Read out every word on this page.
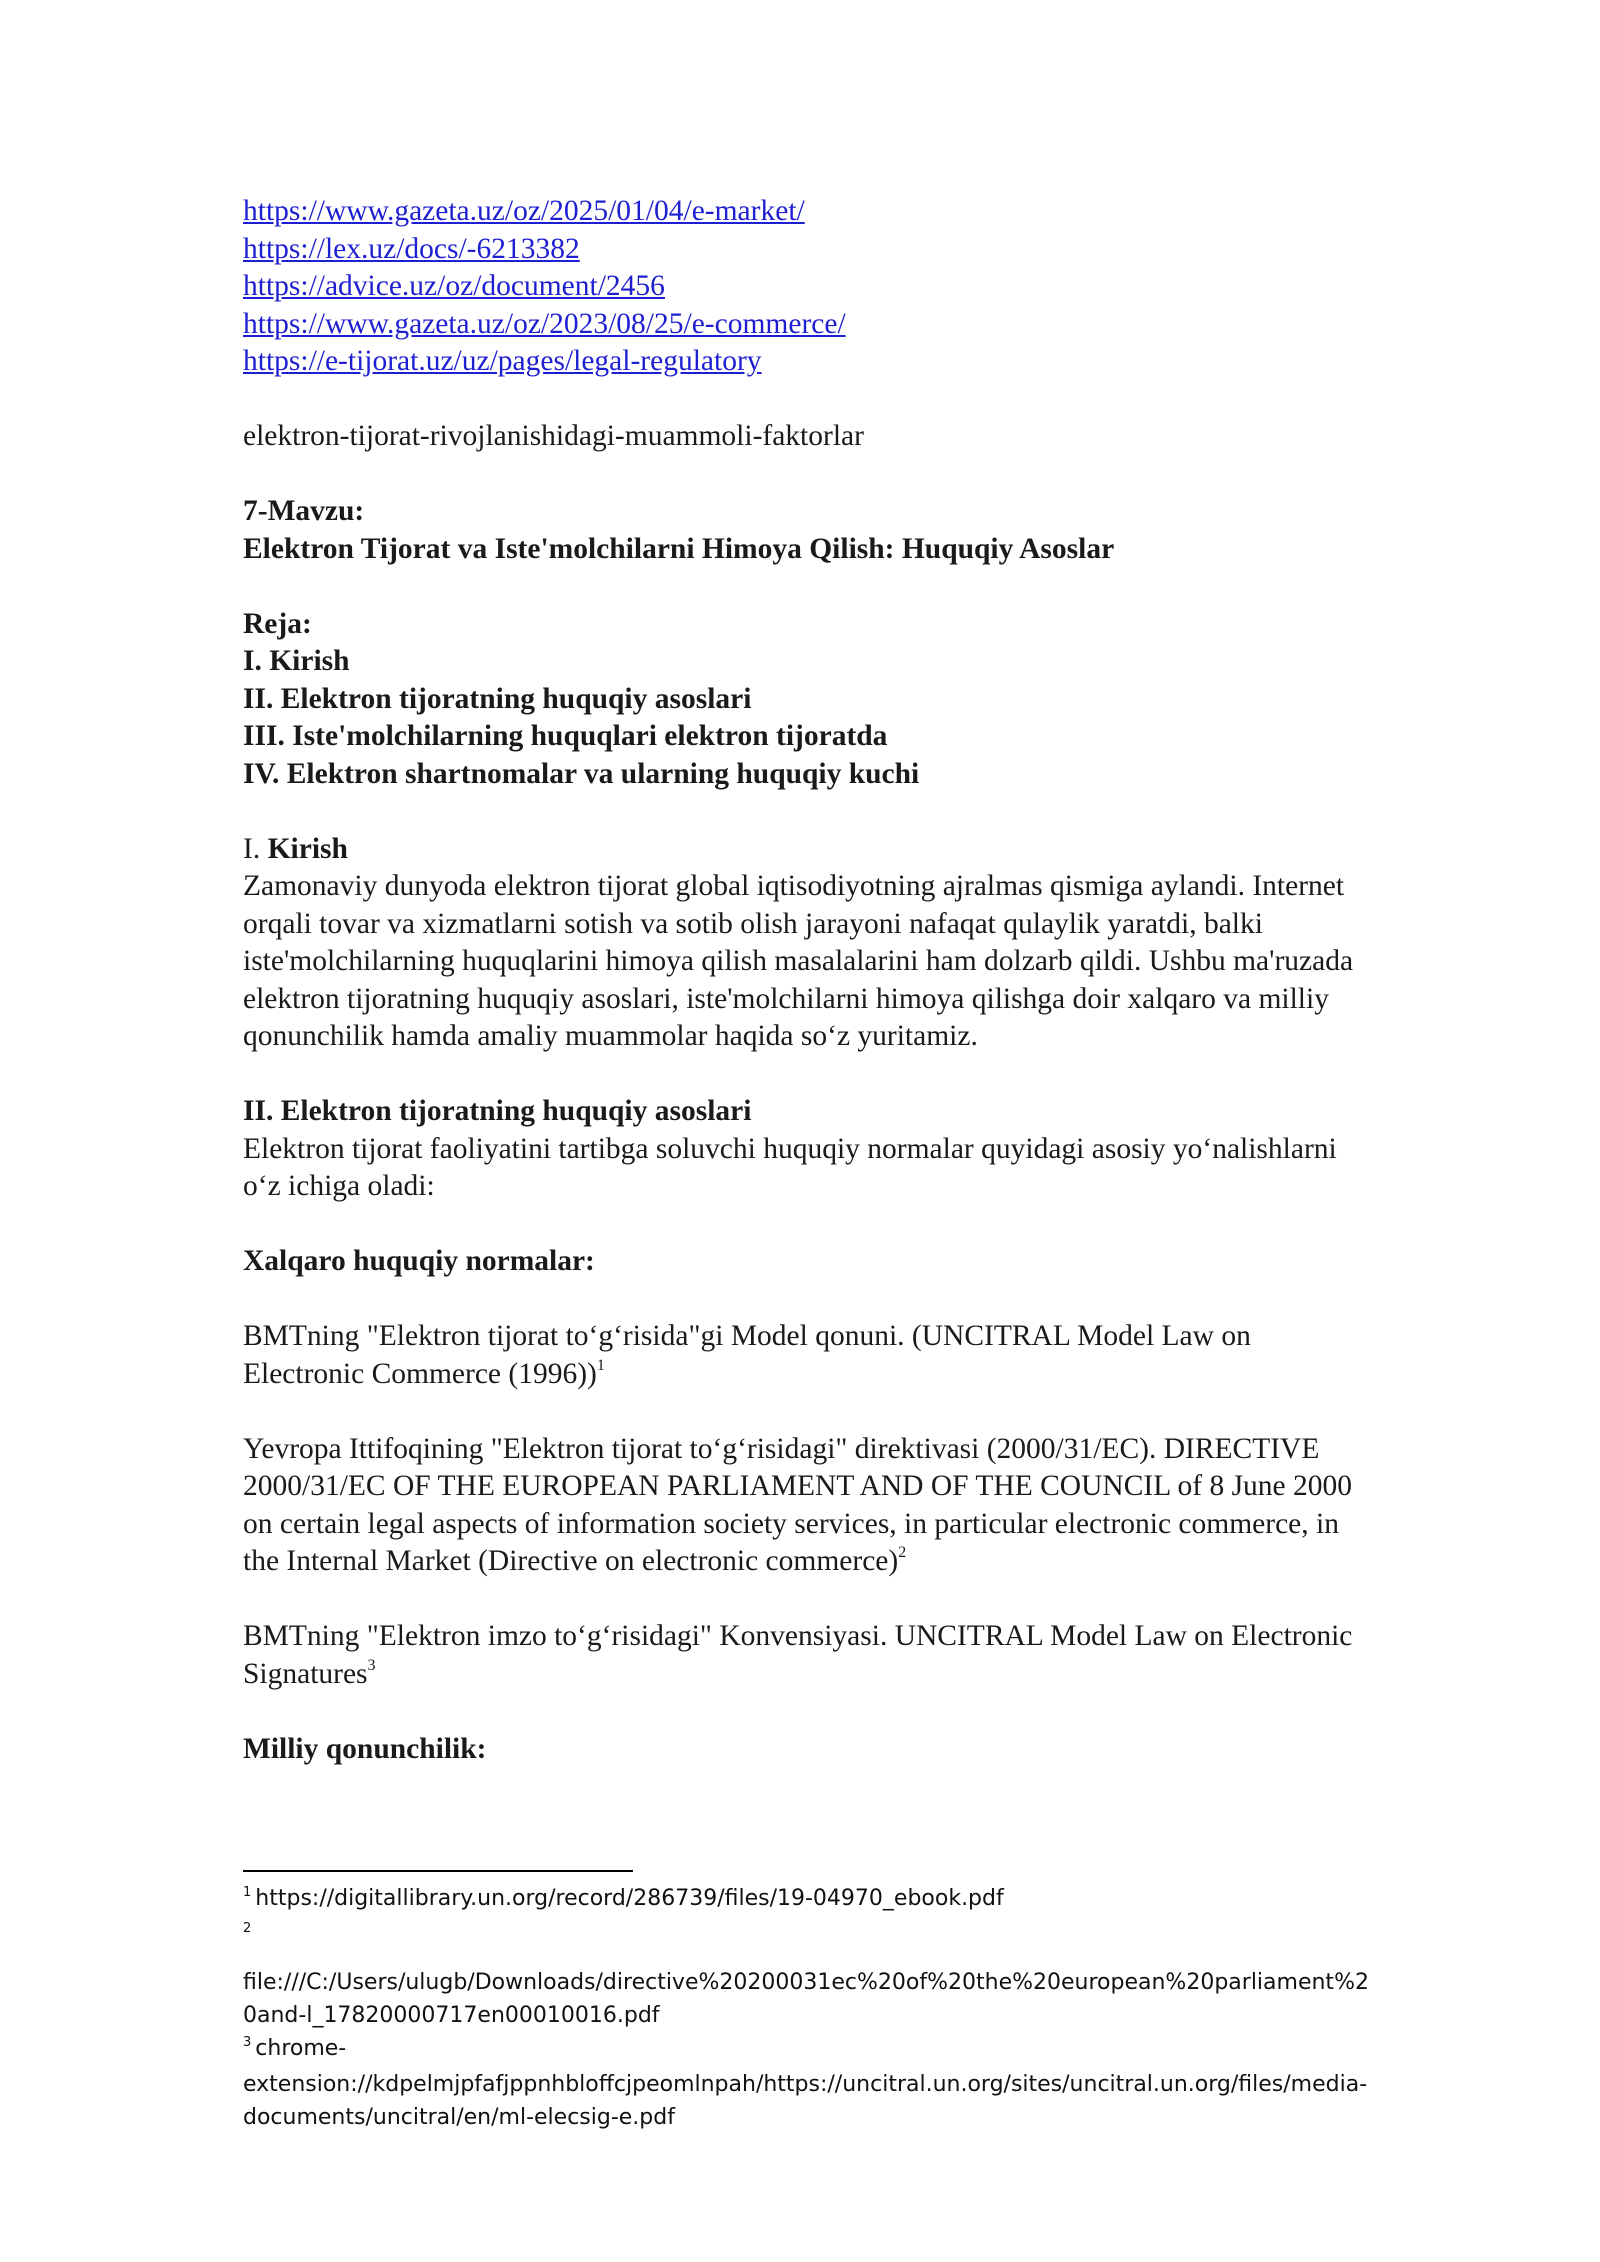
https://www.gazeta.uz/oz/2025/01/04/e-market/
https://lex.uz/docs/-6213382
https://advice.uz/oz/document/2456
https://www.gazeta.uz/oz/2023/08/25/e-commerce/
https://e-tijorat.uz/uz/pages/legal-regulatory

elektron-tijorat-rivojlanishidagi-muammoli-faktorlar

7-Mavzu:

Elektron Tijorat va Iste'molchilarni Himoya Qilish: Huquqiy Asoslar

Reja:

I. Kirish

II. Elektron tijoratning huquqiy asoslari

III. Iste'molchilarning huquqlari elektron tijoratda

IV. Elektron shartnomalar va ularning huquqiy kuchi

I. Kirish

Zamonaviy dunyoda elektron tijorat global iqtisodiyotning ajralmas qismiga aylandi. Internet orqali tovar va xizmatlarni sotish va sotib olish jarayoni nafaqat qulaylik yaratdi, balki iste'molchilarning huquqlarini himoya qilish masalalarini ham dolzarb qildi. Ushbu ma'ruzada elektron tijoratning huquqiy asoslari, iste'molchilarni himoya qilishga doir xalqaro va milliy qonunchilik hamda amaliy muammolar haqida so‘z yuritamiz.

II. Elektron tijoratning huquqiy asoslari

Elektron tijorat faoliyatini tartibga soluvchi huquqiy normalar quyidagi asosiy yo‘nalishlarni o‘z ichiga oladi:

Xalqaro huquqiy normalar:

BMTning "Elektron tijorat to‘g‘risida"gi Model qonuni. (UNCITRAL Model Law on Electronic Commerce (1996))$^1$

Yevropa Ittifoqining "Elektron tijorat to‘g‘risidagi" direktivasi (2000/31/EC). DIRECTIVE 2000/31/EC OF THE EUROPEAN PARLIAMENT AND OF THE COUNCIL of 8 June 2000 on certain legal aspects of information society services, in particular electronic commerce, in the Internal Market (Directive on electronic commerce)$^2$

BMTning "Elektron imzo to‘g‘risidagi" Konvensiyasi. UNCITRAL Model Law on Electronic Signatures$^3$

Milliy qonunchilik:

$^1$ https://digitallibrary.un.org/record/286739/files/19-04970_ebook.pdf

$^2$

file:///C:/Users/ulugb/Downloads/directive%20200031ec%20of%20the%20european%20parliament%20and-l_17820000717en00010016.pdf

$^3$ chrome-extension://kdpelmjpfafjppnhbloffcjpeomlnpah/https://uncitral.un.org/sites/uncitral.un.org/files/media-documents/uncitral/en/ml-elecsig-e.pdf
